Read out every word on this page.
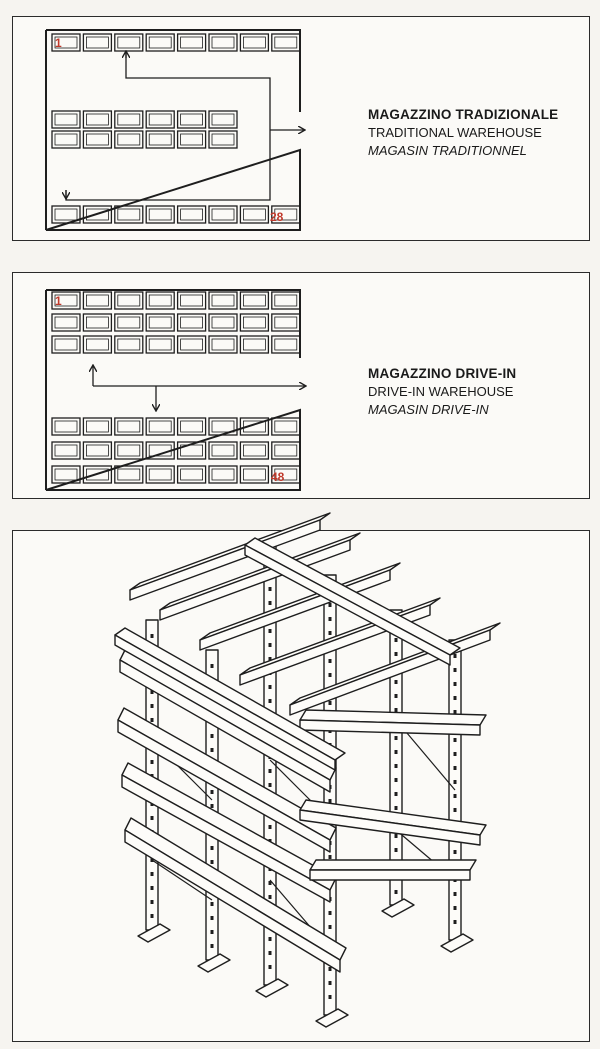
MAGAZZINO TRADIZIONALE
TRADITIONAL WAREHOUSE
MAGASIN TRADITIONNEL
MAGAZZINO DRIVE-IN
DRIVE-IN WAREHOUSE
MAGASIN DRIVE-IN
1
28
1
48
